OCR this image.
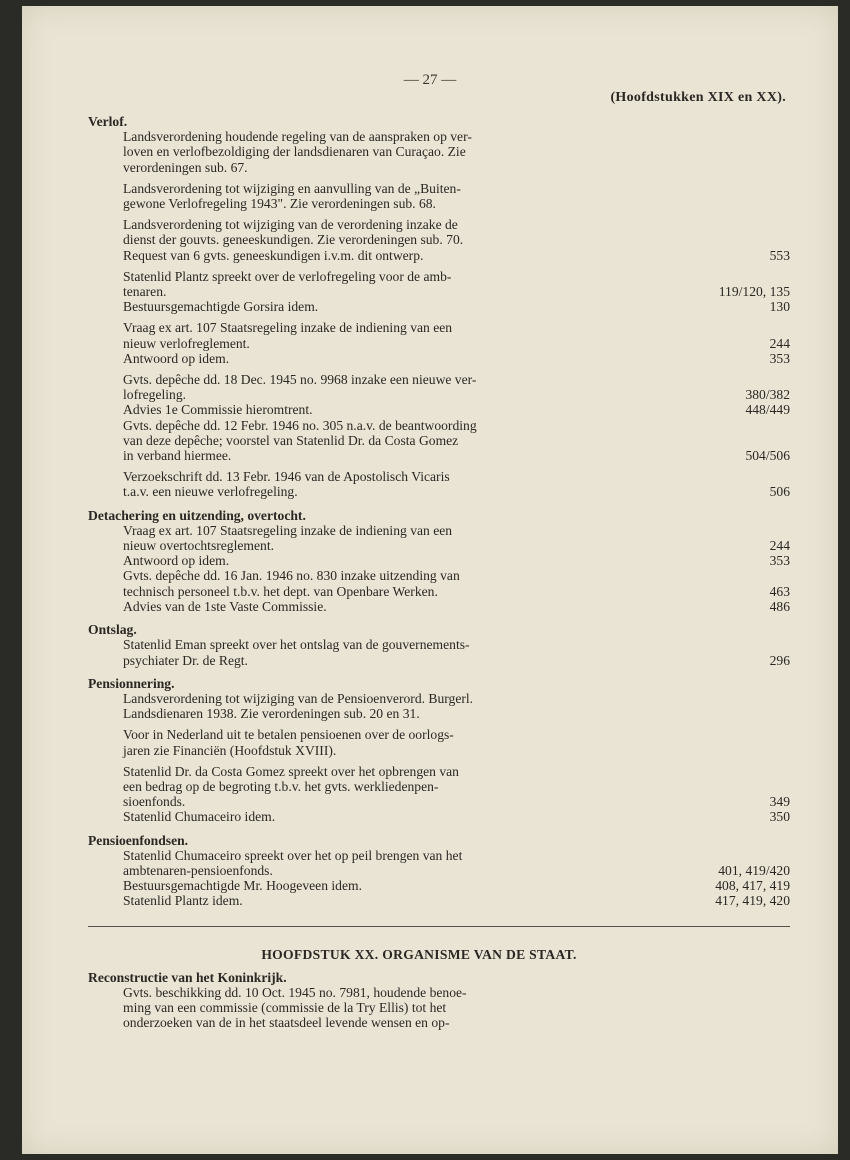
— 27 —
(Hoofdstukken XIX en XX).
Verlof.
Landsverordening houdende regeling van de aanspraken op ver-
loven en verlofbezoldiging der landsdienaren van Curaçao. Zie
verordeningen sub. 67.
Landsverordening tot wijziging en aanvulling van de „Buiten-
gewone Verlofregeling 1943". Zie verordeningen sub. 68.
Landsverordening tot wijziging van de verordening inzake de
dienst der gouvts. geneeskundigen. Zie verordeningen sub. 70.
Request van 6 gvts. geneeskundigen i.v.m. dit ontwerp.	553
Statenlid Plantz spreekt over de verlofregeling voor de amb-
tenaren.	119/120, 135
Bestuursgemachtigde Gorsira idem.	130
Vraag ex art. 107 Staatsregeling inzake de indiening van een
nieuw verlofreglement.	244
Antwoord op idem.	353
Gvts. depêche dd. 18 Dec. 1945 no. 9968 inzake een nieuwe ver-
lofregeling.	380/382
Advies 1e Commissie hieromtrent.	448/449
Gvts. depêche dd. 12 Febr. 1946 no. 305 n.a.v. de beantwoording
van deze depêche; voorstel van Statenlid Dr. da Costa Gomez
in verband hiermee.	504/506
Verzoekschrift dd. 13 Febr. 1946 van de Apostolisch Vicaris
t.a.v. een nieuwe verlofregeling.	506
Detachering en uitzending, overtocht.
Vraag ex art. 107 Staatsregeling inzake de indiening van een
nieuw overtochtsreglement.	244
Antwoord op idem.	353
Gvts. depêche dd. 16 Jan. 1946 no. 830 inzake uitzending van
technisch personeel t.b.v. het dept. van Openbare Werken.	463
Advies van de 1ste Vaste Commissie.	486
Ontslag.
Statenlid Eman spreekt over het ontslag van de gouvernements-
psychiater Dr. de Regt.	296
Pensionnering.
Landsverordening tot wijziging van de Pensioenverord. Burgerl.
Landsdienaren 1938. Zie verordeningen sub. 20 en 31.
Voor in Nederland uit te betalen pensioenen over de oorlogs-
jaren zie Financiën (Hoofdstuk XVIII).
Statenlid Dr. da Costa Gomez spreekt over het opbrengen van
een bedrag op de begroting t.b.v. het gvts. werkliedenpen-
sioenfonds.	349
Statenlid Chumaceiro idem.	350
Pensioenfondsen.
Statenlid Chumaceiro spreekt over het op peil brengen van het
ambtenaren-pensioenfonds.	401, 419/420
Bestuursgemachtigde Mr. Hoogeveen idem.	408, 417, 419
Statenlid Plantz idem.	417, 419, 420
HOOFDSTUK XX. ORGANISME VAN DE STAAT.
Reconstructie van het Koninkrijk.
Gvts. beschikking dd. 10 Oct. 1945 no. 7981, houdende benoe-
ming van een commissie (commissie de la Try Ellis) tot het
onderzoeken van de in het staatsdeel levende wensen en op-
